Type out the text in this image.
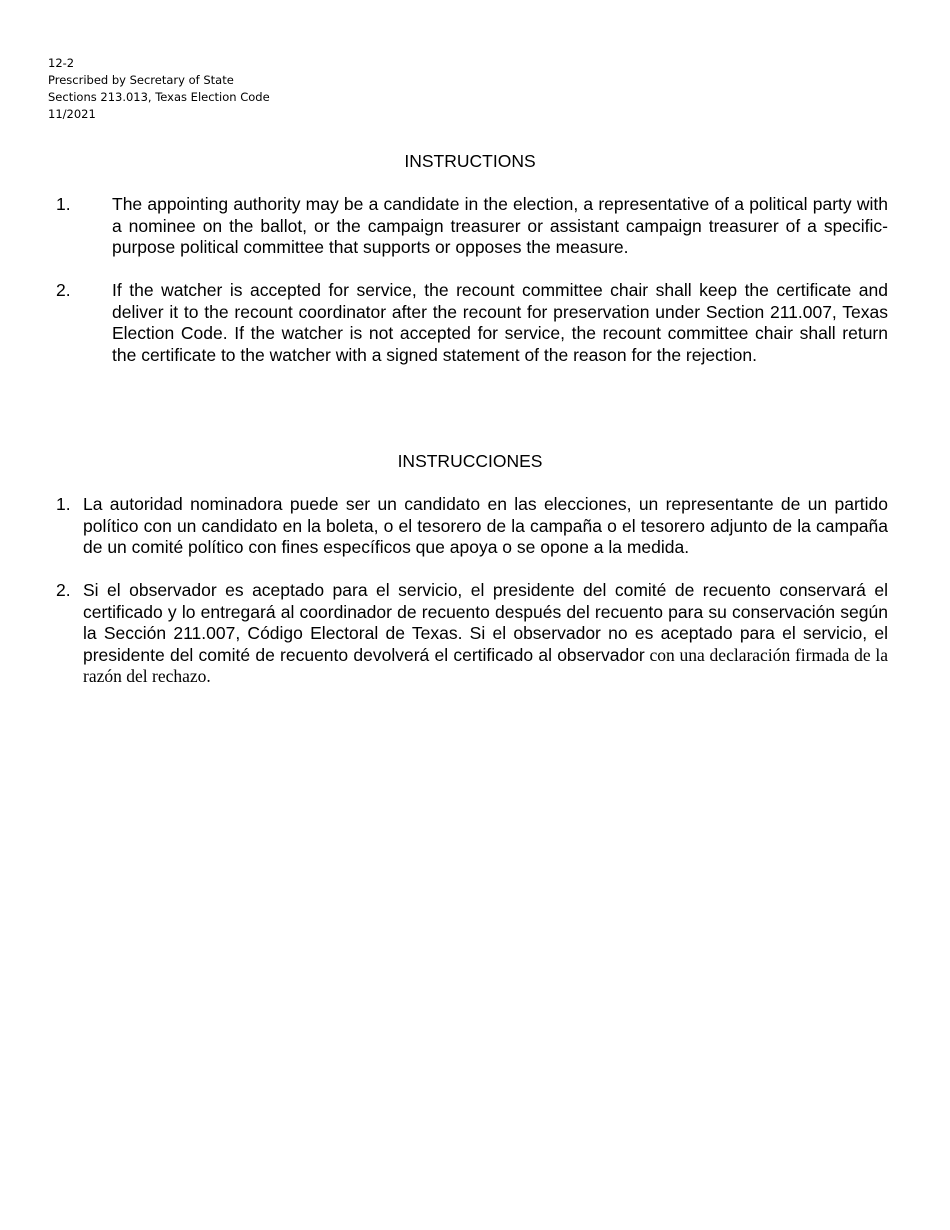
12-2
Prescribed by Secretary of State
Sections 213.013, Texas Election Code
11/2021
INSTRUCTIONS
1. The appointing authority may be a candidate in the election, a representative of a political party with a nominee on the ballot, or the campaign treasurer or assistant campaign treasurer of a specific-purpose political committee that supports or opposes the measure.
2. If the watcher is accepted for service, the recount committee chair shall keep the certificate and deliver it to the recount coordinator after the recount for preservation under Section 211.007, Texas Election Code. If the watcher is not accepted for service, the recount committee chair shall return the certificate to the watcher with a signed statement of the reason for the rejection.
INSTRUCCIONES
1. La autoridad nominadora puede ser un candidato en las elecciones, un representante de un partido político con un candidato en la boleta, o el tesorero de la campaña o el tesorero adjunto de la campaña de un comité político con fines específicos que apoya o se opone a la medida.
2. Si el observador es aceptado para el servicio, el presidente del comité de recuento conservará el certificado y lo entregará al coordinador de recuento después del recuento para su conservación según la Sección 211.007, Código Electoral de Texas. Si el observador no es aceptado para el servicio, el presidente del comité de recuento devolverá el certificado al observador con una declaración firmada de la razón del rechazo.
